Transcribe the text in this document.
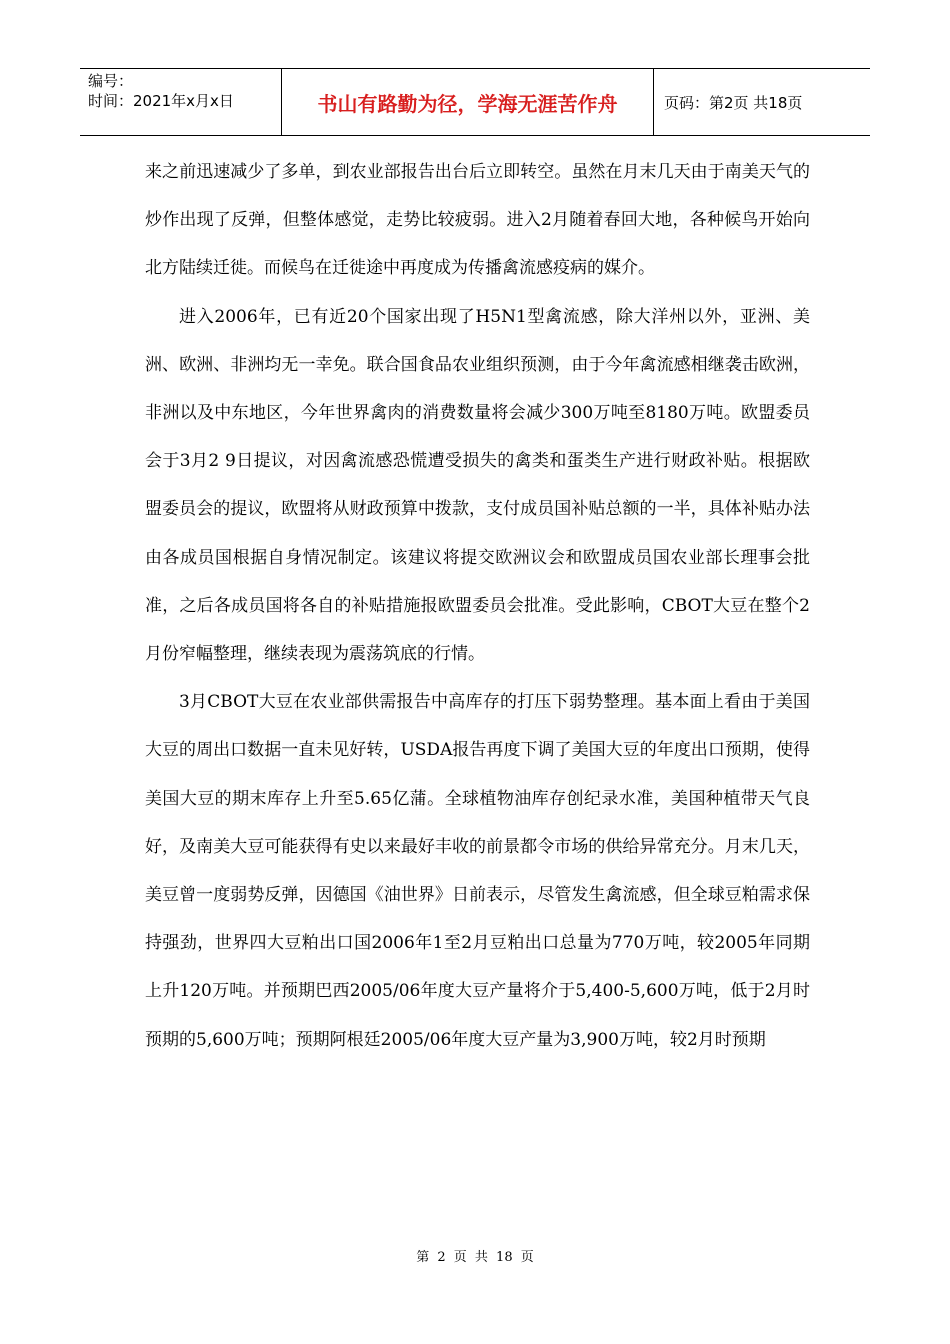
编号：
时间：2021年x月x日	书山有路勤为径，学海无涯苦作舟	页码：第2页 共18页

来之前迅速减少了多单，到农业部报告出台后立即转空。虽然在月末几天由于南美天气的炒作出现了反弹，但整体感觉，走势比较疲弱。进入2月随着春回大地，各种候鸟开始向北方陆续迁徙。而候鸟在迁徙途中再度成为传播禽流感疫病的媒介。

进入2006年，已有近20个国家出现了H5N1型禽流感，除大洋州以外，亚洲、美洲、欧洲、非洲均无一幸免。联合国食品农业组织预测，由于今年禽流感相继袭击欧洲，非洲以及中东地区，今年世界禽肉的消费数量将会减少300万吨至8180万吨。欧盟委员会于3月2 9日提议，对因禽流感恐慌遭受损失的禽类和蛋类生产进行财政补贴。根据欧盟委员会的提议，欧盟将从财政预算中拨款，支付成员国补贴总额的一半，具体补贴办法由各成员国根据自身情况制定。该建议将提交欧洲议会和欧盟成员国农业部长理事会批准，之后各成员国将各自的补贴措施报欧盟委员会批准。受此影响，CBOT大豆在整个2月份窄幅整理，继续表现为震荡筑底的行情。

3月CBOT大豆在农业部供需报告中高库存的打压下弱势整理。基本面上看由于美国大豆的周出口数据一直未见好转，USDA报告再度下调了美国大豆的年度出口预期，使得美国大豆的期末库存上升至5.65亿蒲。全球植物油库存创纪录水准，美国种植带天气良好，及南美大豆可能获得有史以来最好丰收的前景都令市场的供给异常充分。月末几天，美豆曾一度弱势反弹，因德国《油世界》日前表示，尽管发生禽流感，但全球豆粕需求保持强劲，世界四大豆粕出口国2006年1至2月豆粕出口总量为770万吨，较2005年同期上升120万吨。并预期巴西2005/06年度大豆产量将介于5,400-5,600万吨，低于2月时预期的5,600万吨；预期阿根廷2005/06年度大豆产量为3,900万吨，较2月时预期

第 2 页 共 18 页
